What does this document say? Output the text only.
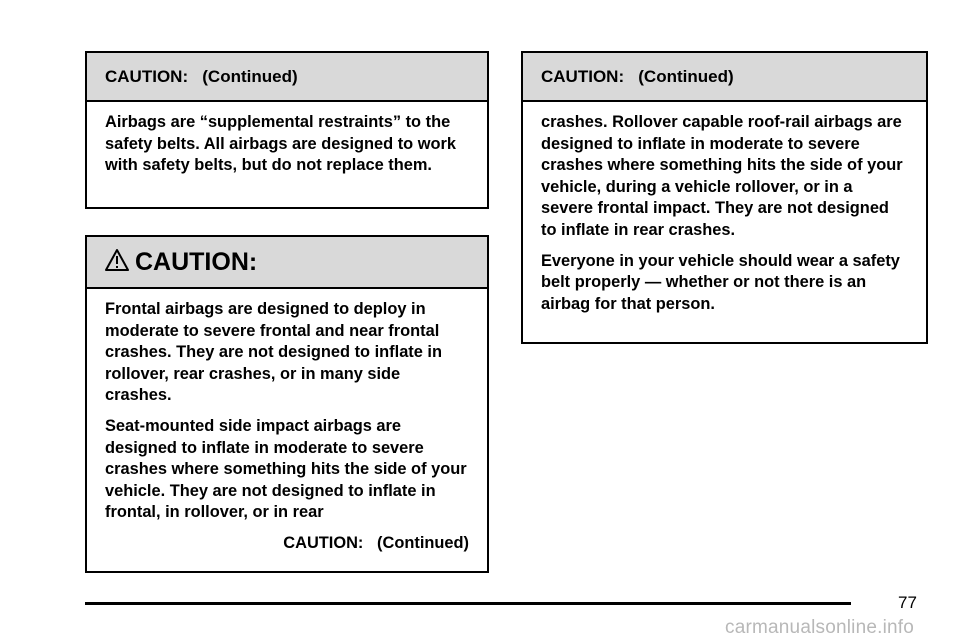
CAUTION:   (Continued)

Airbags are “supplemental restraints” to the safety belts. All airbags are designed to work with safety belts, but do not replace them.

CAUTION:

Frontal airbags are designed to deploy in moderate to severe frontal and near frontal crashes. They are not designed to inflate in rollover, rear crashes, or in many side crashes.

Seat-mounted side impact airbags are designed to inflate in moderate to severe crashes where something hits the side of your vehicle. They are not designed to inflate in frontal, in rollover, or in rear

CAUTION:   (Continued)
CAUTION:   (Continued)

crashes. Rollover capable roof-rail airbags are designed to inflate in moderate to severe crashes where something hits the side of your vehicle, during a vehicle rollover, or in a severe frontal impact. They are not designed to inflate in rear crashes.

Everyone in your vehicle should wear a safety belt properly — whether or not there is an airbag for that person.

77
carmanualsonline.info
